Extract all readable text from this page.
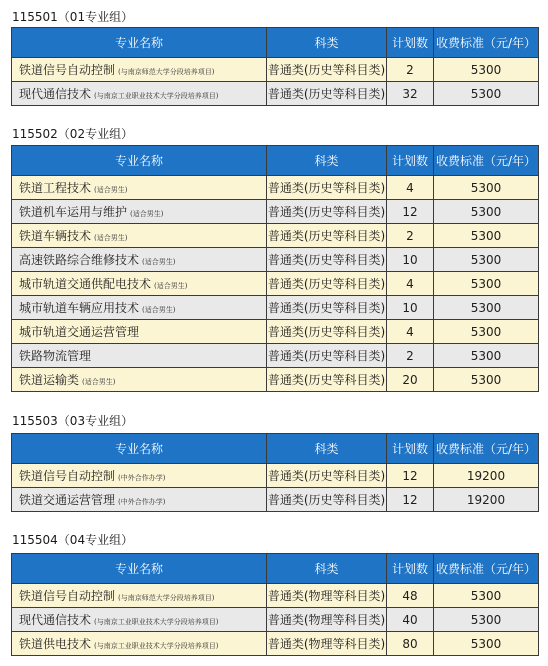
115501（01专业组）
专业名称	科类	计划数	收费标准（元/年）
铁道信号自动控制 (与南京师范大学分段培养项目)	普通类(历史等科目类)	2	5300
现代通信技术 (与南京工业职业技术大学分段培养项目)	普通类(历史等科目类)	32	5300
115502（02专业组）
专业名称	科类	计划数	收费标准（元/年）
铁道工程技术 (适合男生)	普通类(历史等科目类)	4	5300
铁道机车运用与维护 (适合男生)	普通类(历史等科目类)	12	5300
铁道车辆技术 (适合男生)	普通类(历史等科目类)	2	5300
高速铁路综合维修技术 (适合男生)	普通类(历史等科目类)	10	5300
城市轨道交通供配电技术 (适合男生)	普通类(历史等科目类)	4	5300
城市轨道车辆应用技术 (适合男生)	普通类(历史等科目类)	10	5300
城市轨道交通运营管理	普通类(历史等科目类)	4	5300
铁路物流管理	普通类(历史等科目类)	2	5300
铁道运输类 (适合男生)	普通类(历史等科目类)	20	5300
115503（03专业组）
专业名称	科类	计划数	收费标准（元/年）
铁道信号自动控制 (中外合作办学)	普通类(历史等科目类)	12	19200
铁道交通运营管理 (中外合作办学)	普通类(历史等科目类)	12	19200
115504（04专业组）
专业名称	科类	计划数	收费标准（元/年）
铁道信号自动控制 (与南京师范大学分段培养项目)	普通类(物理等科目类)	48	5300
现代通信技术 (与南京工业职业技术大学分段培养项目)	普通类(物理等科目类)	40	5300
铁道供电技术 (与南京工业职业技术大学分段培养项目)	普通类(物理等科目类)	80	5300
